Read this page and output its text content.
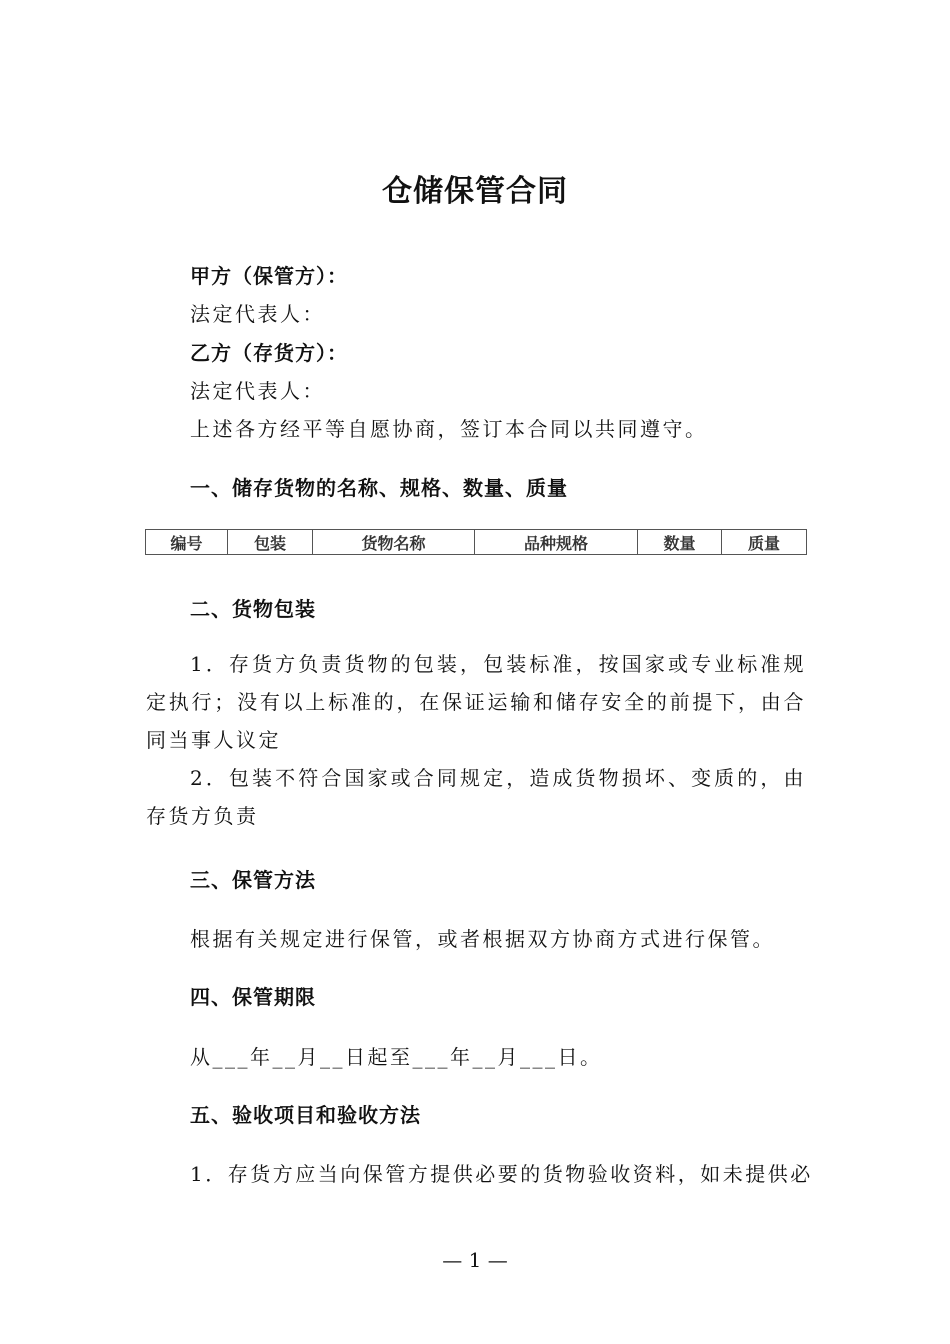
仓储保管合同
甲方（保管方）：
法定代表人：
乙方（存货方）：
法定代表人：
上述各方经平等自愿协商，签订本合同以共同遵守。
一、储存货物的名称、规格、数量、质量
编号	包装	货物名称	品种规格	数量	质量
二、货物包装
1．存货方负责货物的包装，包装标准，按国家或专业标准规定执行；没有以上标准的，在保证运输和储存安全的前提下，由合同当事人议定
2．包装不符合国家或合同规定，造成货物损坏、变质的，由存货方负责
三、保管方法
根据有关规定进行保管，或者根据双方协商方式进行保管。
四、保管期限
从___年__月__日起至___年__月___日。
五、验收项目和验收方法
1．存货方应当向保管方提供必要的货物验收资料，如未提供必
— 1 —
